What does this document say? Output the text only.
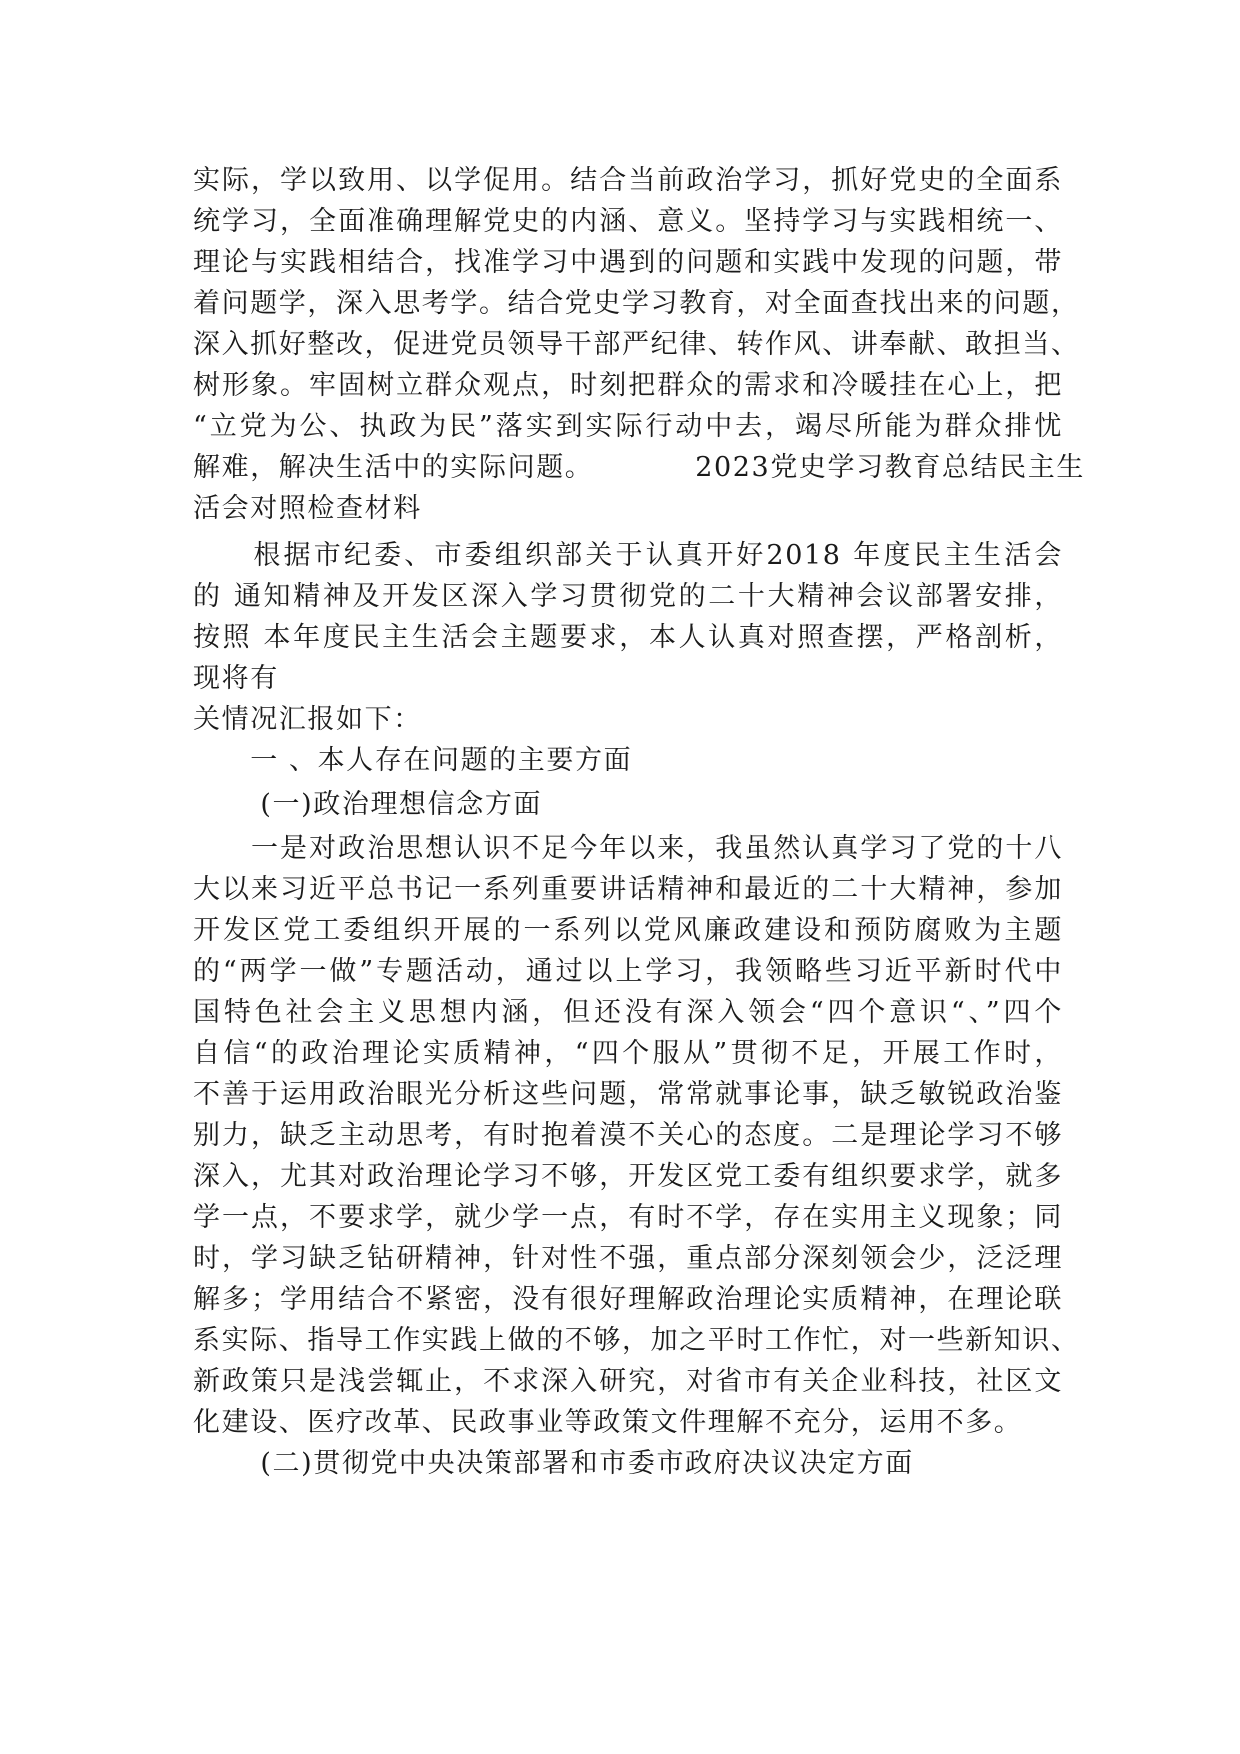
实际，学以致用、以学促用。结合当前政治学习，抓好党史的全面系
统学习，全面准确理解党史的内涵、意义。坚持学习与实践相统一、
理论与实践相结合，找准学习中遇到的问题和实践中发现的问题，带
着问题学，深入思考学。结合党史学习教育，对全面查找出来的问题，
深入抓好整改，促进党员领导干部严纪律、转作风、讲奉献、敢担当、
树形象。牢固树立群众观点，时刻把群众的需求和冷暖挂在心上，把
“立党为公、执政为民”落实到实际行动中去，竭尽所能为群众排忧
解难，解决生活中的实际问题。          2023党史学习教育总结民主生
活会对照检查材料
　　根据市纪委、市委组织部关于认真开好2018 年度民主生活会
的 通知精神及开发区深入学习贯彻党的二十大精神会议部署安排，
按照 本年度民主生活会主题要求，本人认真对照查摆，严格剖析，
现将有
关情况汇报如下：
　　一 、本人存在问题的主要方面
　　 (一)政治理想信念方面
　　一是对政治思想认识不足今年以来，我虽然认真学习了党的十八
大以来习近平总书记一系列重要讲话精神和最近的二十大精神，参加
开发区党工委组织开展的一系列以党风廉政建设和预防腐败为主题
的“两学一做”专题活动，通过以上学习，我领略些习近平新时代中
国特色社会主义思想内涵，但还没有深入领会“四个意识“、”四个
自信“的政治理论实质精神，“四个服从”贯彻不足，开展工作时，
不善于运用政治眼光分析这些问题，常常就事论事，缺乏敏锐政治鉴
别力，缺乏主动思考，有时抱着漠不关心的态度。二是理论学习不够
深入，尤其对政治理论学习不够，开发区党工委有组织要求学，就多
学一点，不要求学，就少学一点，有时不学，存在实用主义现象；同
时，学习缺乏钻研精神，针对性不强，重点部分深刻领会少，泛泛理
解多；学用结合不紧密，没有很好理解政治理论实质精神，在理论联
系实际、指导工作实践上做的不够，加之平时工作忙，对一些新知识、
新政策只是浅尝辄止，不求深入研究，对省市有关企业科技，社区文
化建设、医疗改革、民政事业等政策文件理解不充分，运用不多。
　　 (二)贯彻党中央决策部署和市委市政府决议决定方面
